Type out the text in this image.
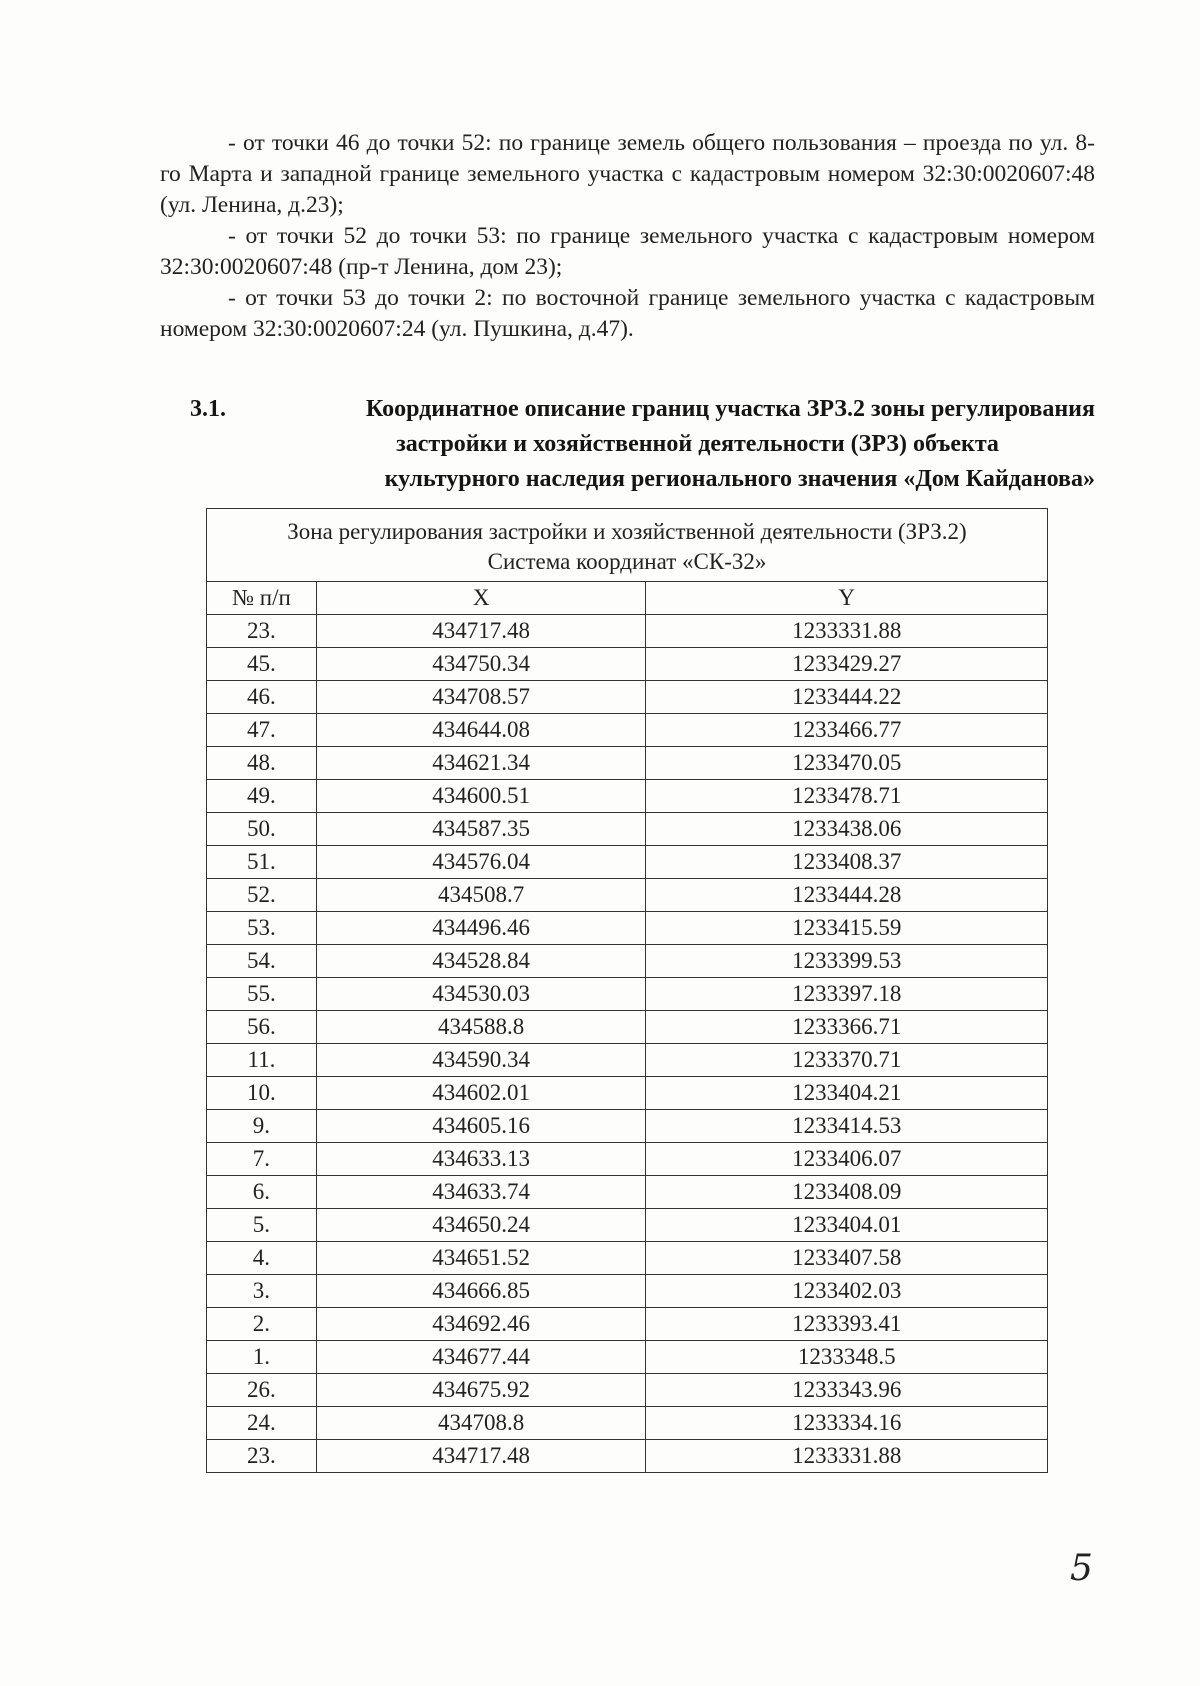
- от точки 46 до точки 52: по границе земель общего пользования – проезда по ул. 8-го Марта и западной границе земельного участка с кадастровым номером 32:30:0020607:48 (ул. Ленина, д.23);

- от точки 52 до точки 53: по границе земельного участка с кадастровым номером 32:30:0020607:48 (пр-т Ленина, дом 23);

- от точки 53 до точки 2: по восточной границе земельного участка с кадастровым номером 32:30:0020607:24 (ул. Пушкина, д.47).

3.1.	Координатное описание границ участка ЗРЗ.2 зоны регулирования
застройки и хозяйственной деятельности (ЗРЗ) объекта
культурного наследия регионального значения «Дом Кайданова»
Зона регулирования застройки и хозяйственной деятельности (ЗРЗ.2)
Система координат «СК-32»		

№ п/п	X	Y
23.	434717.48	1233331.88
45.	434750.34	1233429.27
46.	434708.57	1233444.22
47.	434644.08	1233466.77
48.	434621.34	1233470.05
49.	434600.51	1233478.71
50.	434587.35	1233438.06
51.	434576.04	1233408.37
52.	434508.7	1233444.28
53.	434496.46	1233415.59
54.	434528.84	1233399.53
55.	434530.03	1233397.18
56.	434588.8	1233366.71
11.	434590.34	1233370.71
10.	434602.01	1233404.21
9.	434605.16	1233414.53
7.	434633.13	1233406.07
6.	434633.74	1233408.09
5.	434650.24	1233404.01
4.	434651.52	1233407.58
3.	434666.85	1233402.03
2.	434692.46	1233393.41
1.	434677.44	1233348.5
26.	434675.92	1233343.96
24.	434708.8	1233334.16
23.	434717.48	1233331.88
5
